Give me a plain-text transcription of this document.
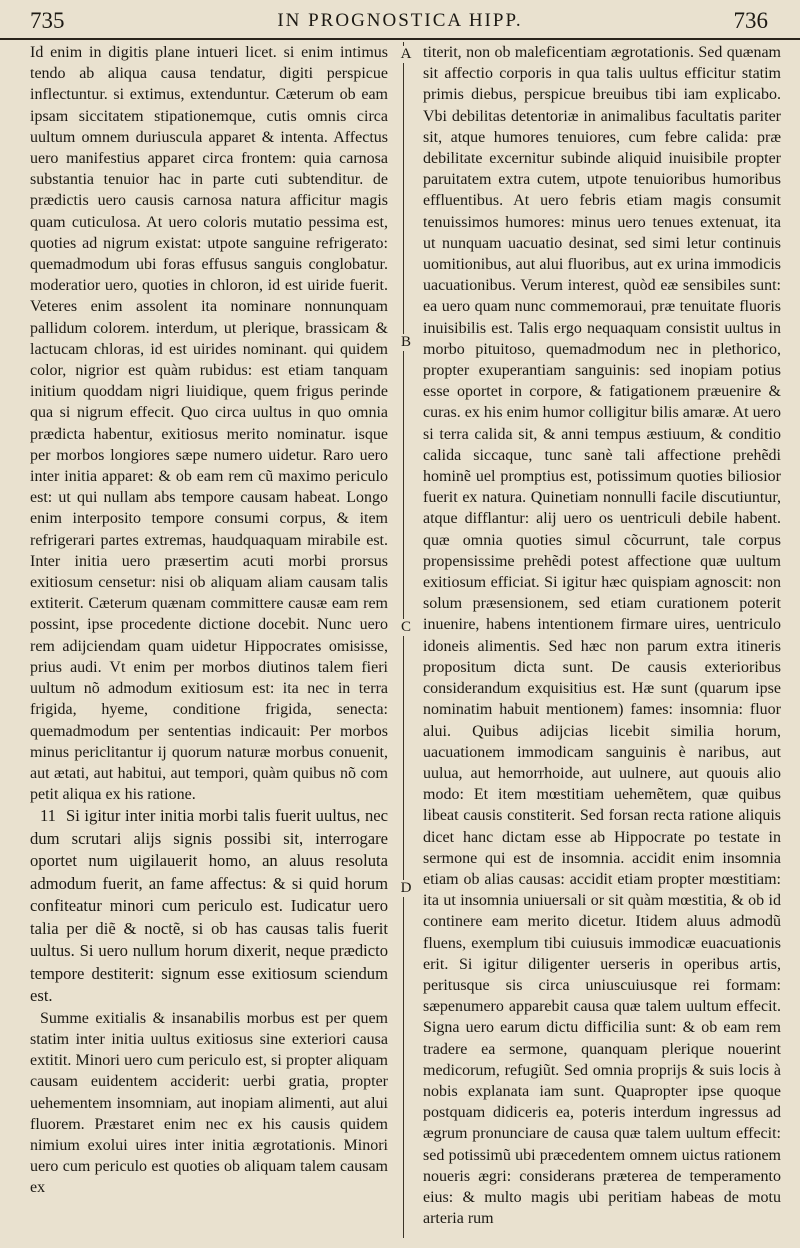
735	IN PROGNOSTICA HIPP.	736

Id enim in digitis plane intueri licet. si enim intimus tendo ab aliqua causa tendatur, digiti perspicue inflectuntur. si extimus, extenduntur. Cæterum ob eam ipsam siccitatem stipationemque, cutis omnis circa uultum omnem duriuscula apparet & intenta. Affectus uero manifestius apparet circa frontem: quia carnosa substantia tenuior hac in parte cuti subtenditur. de prædictis uero causis carnosa natura afficitur magis quam cuticulosa. At uero coloris mutatio pessima est, quoties ad nigrum existat: utpote sanguine refrigerato: quemadmodum ubi foras effusus sanguis conglobatur. moderatior uero, quoties in chloron, id est uiride fuerit. Veteres enim assolent ita nominare nonnunquam pallidum colorem. interdum, ut plerique, brassicam & lactucam chloras, id est uirides nominant. qui quidem color, nigrior est quàm rubidus: est etiam tanquam initium quoddam nigri liuidique, quem frigus perinde qua si nigrum effecit. Quo circa uultus in quo omnia prædicta habentur, exitiosus merito nominatur. isque per morbos longiores sæpe numero uidetur. Raro uero inter initia apparet: & ob eam rem cũ maximo periculo est: ut qui nullam abs tempore causam habeat. Longo enim interposito tempore consumi corpus, & item refrigerari partes extremas, haudquaquam mirabile est. Inter initia uero præsertim acuti morbi prorsus exitiosum censetur: nisi ob aliquam aliam causam talis extiterit. Cæterum quænam committere causæ eam rem possint, ipse procedente dictione docebit. Nunc uero rem adijciendam quam uidetur Hippocrates omisisse, prius audi. Vt enim per morbos diutinos talem fieri uultum nõ admodum exitiosum est: ita nec in terra frigida, hyeme, conditione frigida, senecta: quemadmodum per sententias indicauit: Per morbos minus periclitantur ij quorum naturæ morbus conuenit, aut ætati, aut habitui, aut tempori, quàm quibus nõ com petit aliqua ex his ratione.

11 Si igitur inter initia morbi talis fuerit uultus, nec dum scrutari alijs signis possibi sit, interrogare oportet num uigilauerit homo, an aluus resoluta admodum fuerit, an fame affectus: & si quid horum confiteatur minori cum periculo est. Iudicatur uero talia per diẽ & noctẽ, si ob has causas talis fuerit uultus. Si uero nullum horum dixerit, neque prædicto tempore destiterit: signum esse exitiosum sciendum est.

Summe exitialis & insanabilis morbus est per quem statim inter initia uultus exitiosus sine exteriori causa extitit. Minori uero cum periculo est, si propter aliquam causam euidentem acciderit: uerbi gratia, propter uehementem insomniam, aut inopiam alimenti, aut alui fluorem. Præstaret enim nec ex his causis quidem nimium exolui uires inter initia ægrotationis. Minori uero cum periculo est quoties ob aliquam talem causam ex

A
B
C
D

titerit, non ob maleficentiam ægrotationis. Sed quænam sit affectio corporis in qua talis uultus efficitur statim primis diebus, perspicue breuibus tibi iam explicabo. Vbi debilitas detentoriæ in animalibus facultatis pariter sit, atque humores tenuiores, cum febre calida: præ debilitate excernitur subinde aliquid inuisibile propter paruitatem extra cutem, utpote tenuioribus humoribus effluentibus. At uero febris etiam magis consumit tenuissimos humores: minus uero tenues extenuat, ita ut nunquam uacuatio desinat, sed simi letur continuis uomitionibus, aut alui fluoribus, aut ex urina immodicis uacuationibus. Verum interest, quòd eæ sensibiles sunt: ea uero quam nunc commemoraui, præ tenuitate fluoris inuisibilis est. Talis ergo nequaquam consistit uultus in morbo pituitoso, quemadmodum nec in plethorico, propter exuperantiam sanguinis: sed inopiam potius esse oportet in corpore, & fatigationem præuenire & curas. ex his enim humor colligitur bilis amaræ. At uero si terra calida sit, & anni tempus æstiuum, & conditio calida siccaque, tunc sanè tali affectione prehẽdi hominẽ uel promptius est, potissimum quoties biliosior fuerit ex natura. Quinetiam nonnulli facile discutiuntur, atque difflantur: alij uero os uentriculi debile habent. quæ omnia quoties simul cõcurrunt, tale corpus propensissime prehẽdi potest affectione quæ uultum exitiosum efficiat. Si igitur hæc quispiam agnoscit: non solum præsensionem, sed etiam curationem poterit inuenire, habens intentionem firmare uires, uentriculo idoneis alimentis. Sed hæc non parum extra itineris propositum dicta sunt. De causis exterioribus considerandum exquisitius est. Hæ sunt (quarum ipse nominatim habuit mentionem) fames: insomnia: fluor alui. Quibus adijcias licebit similia horum, uacuationem immodicam sanguinis è naribus, aut uulua, aut hemorrhoide, aut uulnere, aut quouis alio modo: Et item mœstitiam uehemẽtem, quæ quibus libeat causis constiterit. Sed forsan recta ratione aliquis dicet hanc dictam esse ab Hippocrate po testate in sermone qui est de insomnia. accidit enim insomnia etiam ob alias causas: accidit etiam propter mœstitiam: ita ut insomnia uniuersali or sit quàm mœstitia, & ob id continere eam merito dicetur. Itidem aluus admodũ fluens, exemplum tibi cuiusuis immodicæ euacuationis erit. Si igitur diligenter uerseris in operibus artis, peritusque sis circa uniuscuiusque rei formam: sæpenumero apparebit causa quæ talem uultum effecit. Signa uero earum dictu difficilia sunt: & ob eam rem tradere ea sermone, quanquam plerique nouerint medicorum, refugiũt. Sed omnia proprijs & suis locis à nobis explanata iam sunt. Quapropter ipse quoque postquam didiceris ea, poteris interdum ingressus ad ægrum pronunciare de causa quæ talem uultum effecit: sed potissimũ ubi præcedentem omnem uictus rationem noueris ægri: considerans præterea de temperamento eius: & multo magis ubi peritiam habeas de motu arteria rum
